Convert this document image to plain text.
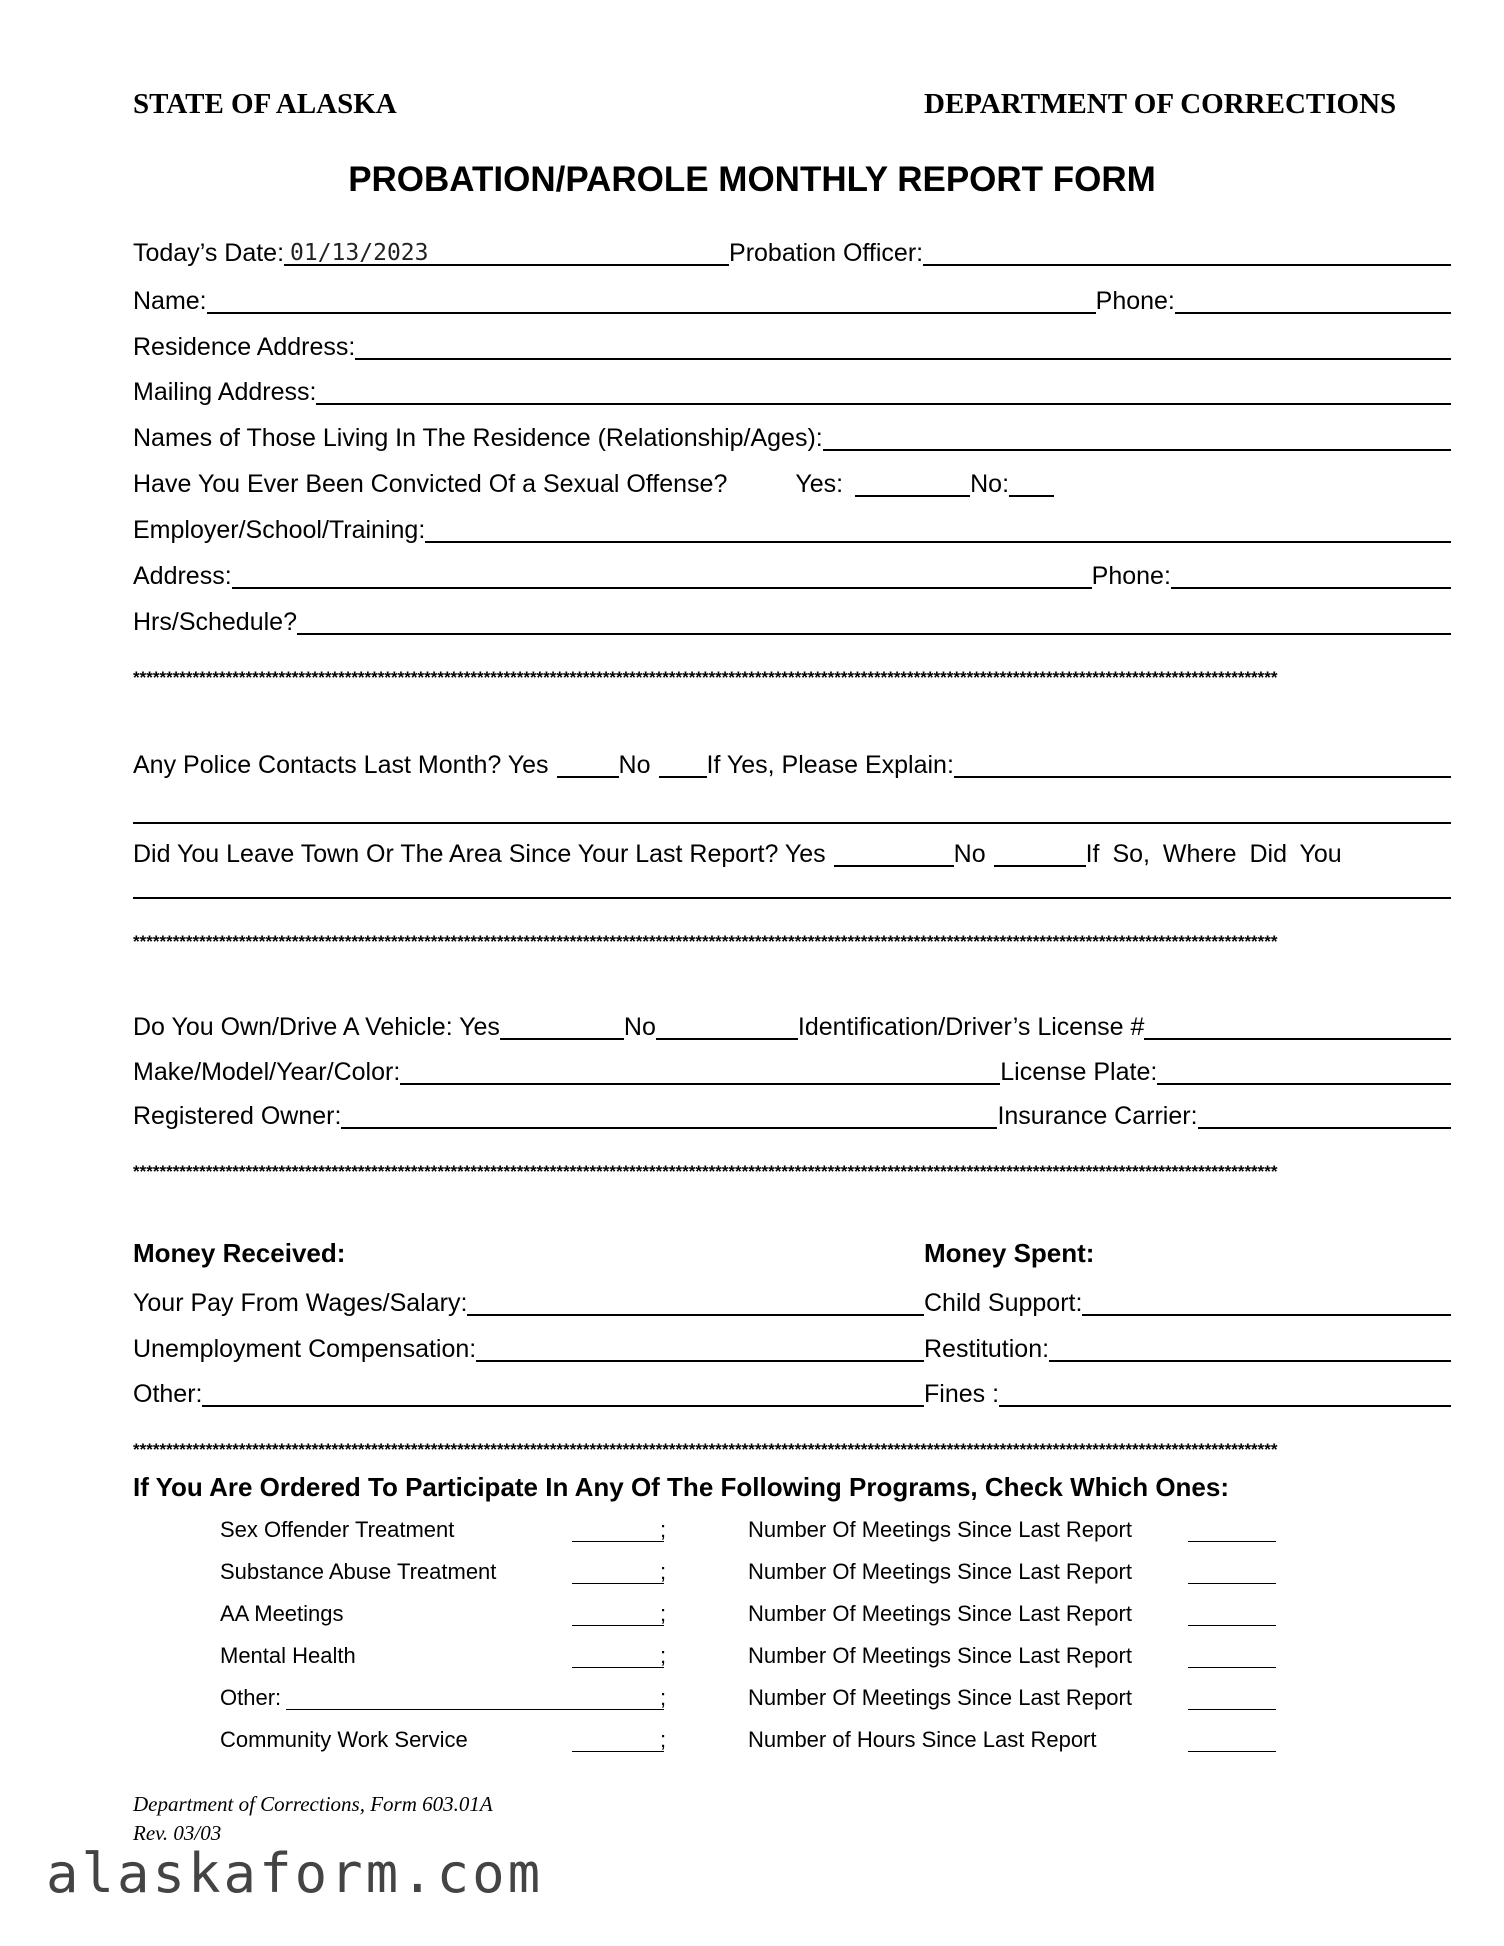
STATE OF ALASKA	DEPARTMENT OF CORRECTIONS
PROBATION/PAROLE MONTHLY REPORT FORM
Today’s Date: 01/13/2023	Probation Officer:
Name:	Phone:
Residence Address:
Mailing Address:
Names of Those Living In The Residence (Relationship/Ages):
Have You Ever Been Convicted Of a Sexual Offense?	Yes:	No:
Employer/School/Training:
Address:	Phone:
Hrs/Schedule?
*****************************************************************************************************************************************************************************
Any Police Contacts Last Month? Yes	No If Yes, Please Explain:
Did You Leave Town Or The Area Since Your Last Report? Yes	No	If So, Where Did You
*****************************************************************************************************************************************************************************
Do You Own/Drive A Vehicle: Yes	No	Identification/Driver’s License #
Make/Model/Year/Color:	License Plate:
Registered Owner:	Insurance Carrier:
*****************************************************************************************************************************************************************************
Money Received:	Money Spent:
Your Pay From Wages/Salary:	Child Support:
Unemployment Compensation:	Restitution:
Other:	Fines :
*****************************************************************************************************************************************************************************
If You Are Ordered To Participate In Any Of The Following Programs, Check Which Ones:
Sex Offender Treatment	;	Number Of Meetings Since Last Report
Substance Abuse Treatment	;	Number Of Meetings Since Last Report
AA Meetings	;	Number Of Meetings Since Last Report
Mental Health	;	Number Of Meetings Since Last Report
Other:	;	Number Of Meetings Since Last Report
Community Work Service	;	Number of Hours Since Last Report
Department of Corrections, Form 603.01A
Rev. 03/03
alaskaform.com
